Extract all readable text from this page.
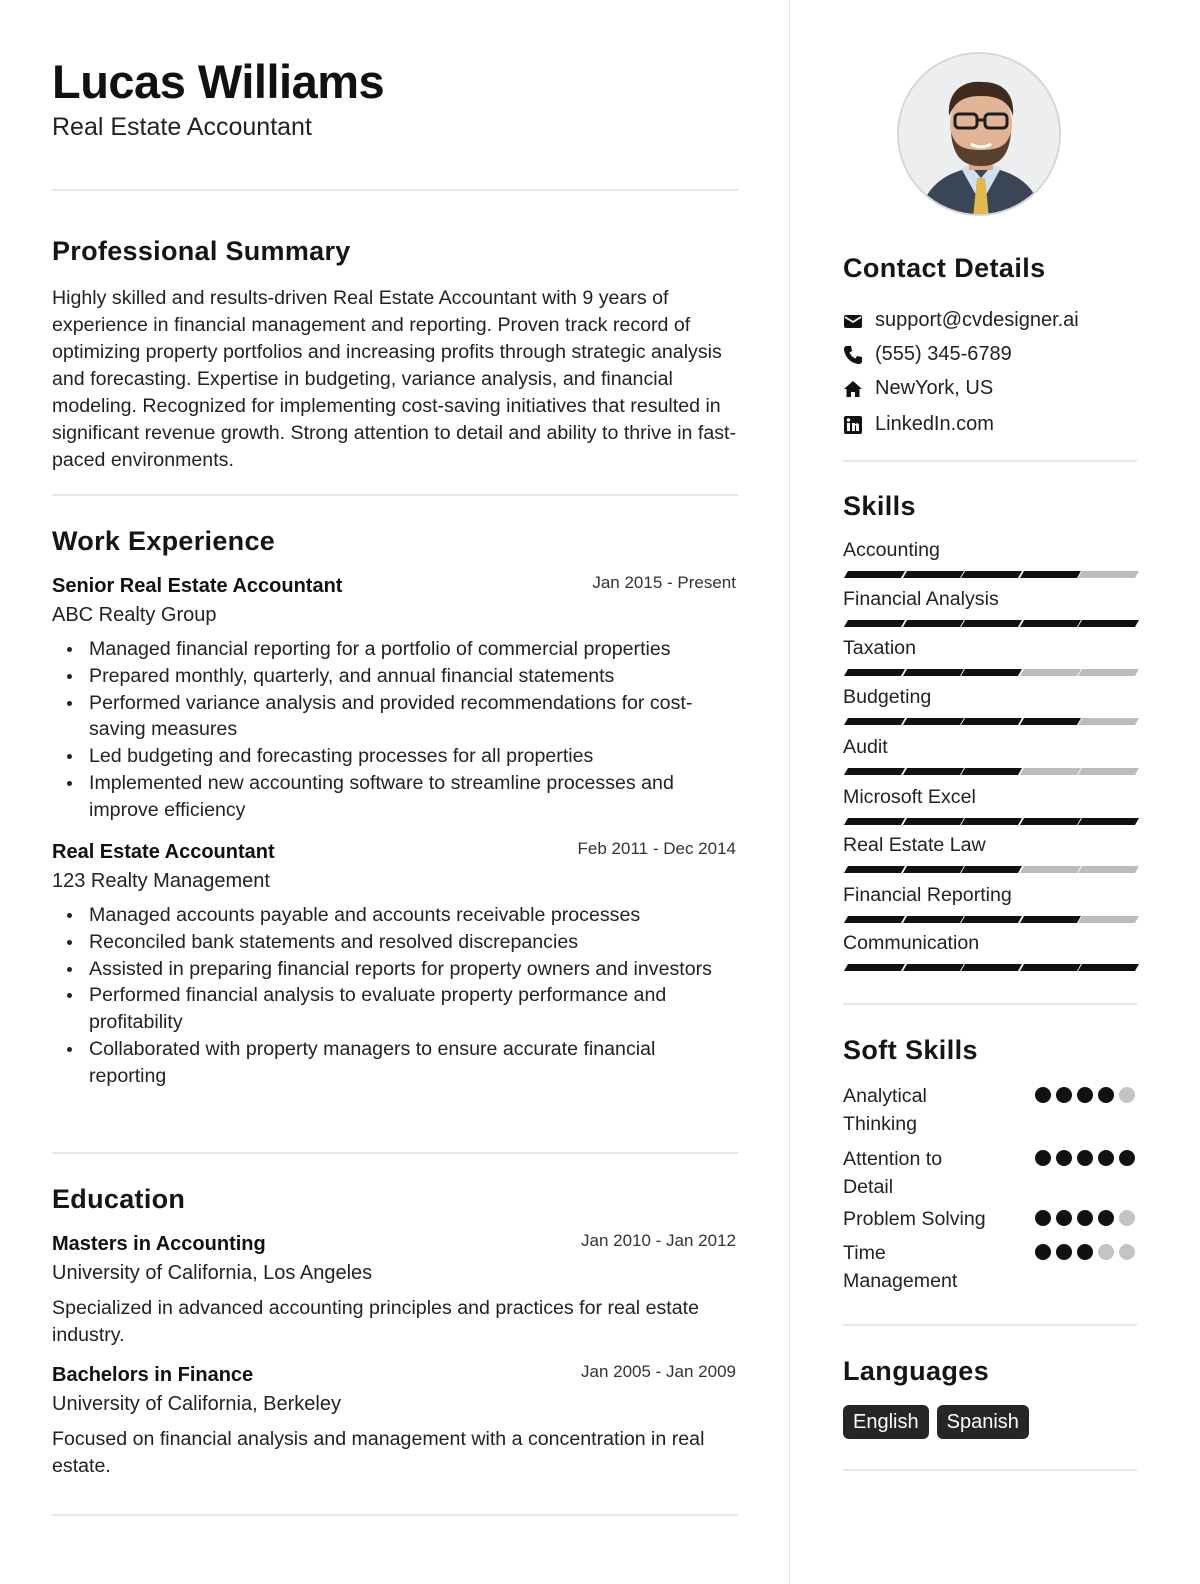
Lucas Williams
Real Estate Accountant
Professional Summary
Highly skilled and results-driven Real Estate Accountant with 9 years of experience in financial management and reporting. Proven track record of optimizing property portfolios and increasing profits through strategic analysis and forecasting. Expertise in budgeting, variance analysis, and financial modeling. Recognized for implementing cost-saving initiatives that resulted in significant revenue growth. Strong attention to detail and ability to thrive in fast-paced environments.
Work Experience
Senior Real Estate Accountant	Jan 2015 - Present
ABC Realty Group
Managed financial reporting for a portfolio of commercial properties
Prepared monthly, quarterly, and annual financial statements
Performed variance analysis and provided recommendations for cost-saving measures
Led budgeting and forecasting processes for all properties
Implemented new accounting software to streamline processes and improve efficiency
Real Estate Accountant	Feb 2011 - Dec 2014
123 Realty Management
Managed accounts payable and accounts receivable processes
Reconciled bank statements and resolved discrepancies
Assisted in preparing financial reports for property owners and investors
Performed financial analysis to evaluate property performance and profitability
Collaborated with property managers to ensure accurate financial reporting
Education
Masters in Accounting	Jan 2010 - Jan 2012
University of California, Los Angeles
Specialized in advanced accounting principles and practices for real estate industry.
Bachelors in Finance	Jan 2005 - Jan 2009
University of California, Berkeley
Focused on financial analysis and management with a concentration in real estate.
Contact Details
support@cvdesigner.ai
(555) 345-6789
NewYork, US
LinkedIn.com
Skills
Accounting
Financial Analysis
Taxation
Budgeting
Audit
Microsoft Excel
Real Estate Law
Financial Reporting
Communication
Soft Skills
Analytical Thinking
Attention to Detail
Problem Solving
Time Management
Languages
English	Spanish
